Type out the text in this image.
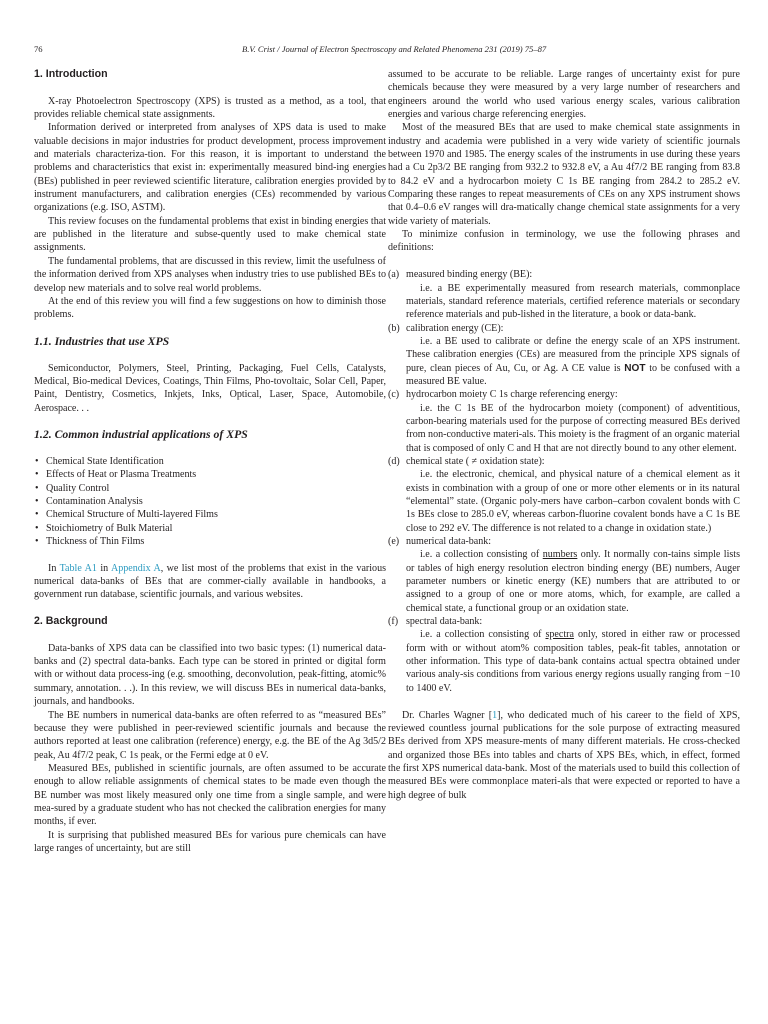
76	B.V. Crist / Journal of Electron Spectroscopy and Related Phenomena 231 (2019) 75–87
1. Introduction

X-ray Photoelectron Spectroscopy (XPS) is trusted as a method, as a tool, that provides reliable chemical state assignments.

Information derived or interpreted from analyses of XPS data is used to make valuable decisions in major industries for product development, process improvement and materials characteriza-tion. For this reason, it is important to understand the problems and characteristics that exist in: experimentally measured bind-ing energies (BEs) published in peer reviewed scientific literature, calibration energies provided by instrument manufacturers, and calibration energies (CEs) recommended by various organizations (e.g. ISO, ASTM).

This review focuses on the fundamental problems that exist in binding energies that are published in the literature and subse-quently used to make chemical state assignments.

The fundamental problems, that are discussed in this review, limit the usefulness of the information derived from XPS analyses when industry tries to use published BEs to develop new materials and to solve real world problems.

At the end of this review you will find a few suggestions on how to diminish those problems.

1.1. Industries that use XPS

Semiconductor, Polymers, Steel, Printing, Packaging, Fuel Cells, Catalysts, Medical, Bio-medical Devices, Coatings, Thin Films, Pho-tovoltaic, Solar Cell, Paper, Paint, Dentistry, Cosmetics, Inkjets, Inks, Optical, Laser, Space, Automobile, Aerospace. . .

1.2. Common industrial applications of XPS
• Chemical State Identification
• Effects of Heat or Plasma Treatments
• Quality Control
• Contamination Analysis
• Chemical Structure of Multi-layered Films
• Stoichiometry of Bulk Material
• Thickness of Thin Films

In Table A1 in Appendix A, we list most of the problems that exist in the various numerical data-banks of BEs that are commer-cially available in handbooks, a government run database, scientific journals, and various websites.

2. Background

Data-banks of XPS data can be classified into two basic types: (1) numerical data-banks and (2) spectral data-banks. Each type can be stored in printed or digital form with or without data process-ing (e.g. smoothing, deconvolution, peak-fitting, atomic% summary, annotation. . .). In this review, we will discuss BEs in numerical data-banks, journals, and handbooks.

The BE numbers in numerical data-banks are often referred to as “measured BEs” because they were published in peer-reviewed scientific journals and because the authors reported at least one calibration (reference) energy, e.g. the BE of the Ag 3d5/2 peak, Au 4f7/2 peak, C 1s peak, or the Fermi edge at 0 eV.

Measured BEs, published in scientific journals, are often assumed to be accurate enough to allow reliable assignments of chemical states to be made even though the BE number was most likely measured only one time from a single sample, and were mea-sured by a graduate student who has not checked the calibration energies for many months, if ever.

It is surprising that published measured BEs for various pure chemicals can have large ranges of uncertainty, but are still

assumed to be accurate to be reliable. Large ranges of uncertainty exist for pure chemicals because they were measured by a very large number of researchers and engineers around the world who used various energy scales, various calibration energies and various charge referencing energies.

Most of the measured BEs that are used to make chemical state assignments in industry and academia were published in a very wide variety of scientific journals between 1970 and 1985. The energy scales of the instruments in use during these years had a Cu 2p3/2 BE ranging from 932.2 to 932.8 eV, a Au 4f7/2 BE ranging from 83.8 to 84.2 eV and a hydrocarbon moiety C 1s BE ranging from 284.2 to 285.2 eV. Comparing these ranges to repeat measurements of CEs on any XPS instrument shows that 0.4–0.6 eV ranges will dra-matically change chemical state assignments for a very wide variety of materials.

To minimize confusion in terminology, we use the following phrases and definitions:

(a) measured binding energy (BE):

i.e. a BE experimentally measured from research materials, commonplace materials, standard reference materials, certified reference materials or secondary reference materials and pub-lished in the literature, a book or data-bank.

(b) calibration energy (CE):

i.e. a BE used to calibrate or define the energy scale of an XPS instrument. These calibration energies (CEs) are measured from the principle XPS signals of pure, clean pieces of Au, Cu, or Ag. A CE value is NOT to be confused with a measured BE value.

(c) hydrocarbon moiety C 1s charge referencing energy:

i.e. the C 1s BE of the hydrocarbon moiety (component) of adventitious, carbon-bearing materials used for the purpose of correcting measured BEs derived from non-conductive materi-als. This moiety is the fragment of an organic material that is composed of only C and H that are not directly bound to any other element.

(d) chemical state ( ≠ oxidation state):

i.e. the electronic, chemical, and physical nature of a chemical element as it exists in combination with a group of one or more other elements or in its natural “elemental” state. (Organic poly-mers have carbon–carbon covalent bonds with C 1s BEs close to 285.0 eV, whereas carbon-fluorine covalent bonds have a C 1s BE close to 292 eV. The difference is not related to a change in oxidation state.)

(e) numerical data-bank:

i.e. a collection consisting of numbers only. It normally con-tains simple lists or tables of high energy resolution electron binding energy (BE) numbers, Auger parameter numbers or kinetic energy (KE) numbers that are attributed to or assigned to a group of one or more atoms, which, for example, are called a chemical state, a functional group or an oxidation state.

(f) spectral data-bank:

i.e. a collection consisting of spectra only, stored in either raw or processed form with or without atom% composition tables, peak-fit tables, annotation or other information. This type of data-bank contains actual spectra obtained under various analy-sis conditions from various energy regions usually ranging from −10 to 1400 eV.

Dr. Charles Wagner [1], who dedicated much of his career to the field of XPS, reviewed countless journal publications for the sole purpose of extracting measured BEs derived from XPS measure-ments of many different materials. He cross-checked and organized those BEs into tables and charts of XPS BEs, which, in effect, formed the first XPS numerical data-bank. Most of the materials used to build this collection of measured BEs were commonplace materi-als that were expected or reported to have a high degree of bulk
